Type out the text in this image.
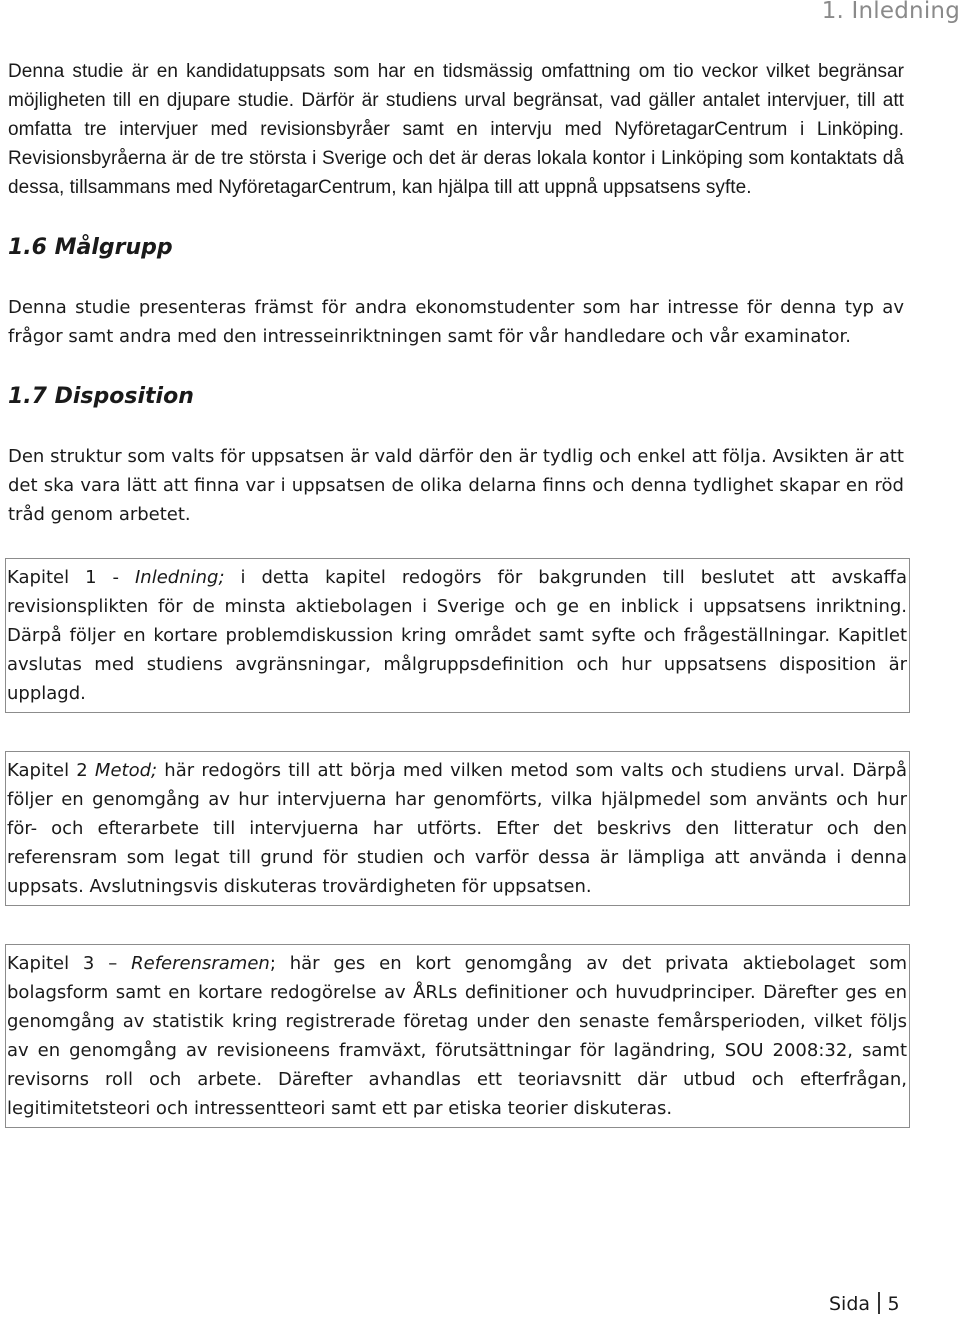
1. Inledning

Denna studie är en kandidatuppsats som har en tidsmässig omfattning om tio veckor vilket begränsar möjligheten till en djupare studie. Därför är studiens urval begränsat, vad gäller antalet intervjuer, till att omfatta tre intervjuer med revisionsbyråer samt en intervju med NyföretagarCentrum i Linköping. Revisionsbyråerna är de tre största i Sverige och det är deras lokala kontor i Linköping som kontaktats då dessa, tillsammans med NyföretagarCentrum, kan hjälpa till att uppnå uppsatsens syfte.

1.6 Målgrupp

Denna studie presenteras främst för andra ekonomstudenter som har intresse för denna typ av frågor samt andra med den intresseinriktningen samt för vår handledare och vår examinator.

1.7 Disposition

Den struktur som valts för uppsatsen är vald därför den är tydlig och enkel att följa. Avsikten är att det ska vara lätt att finna var i uppsatsen de olika delarna finns och denna tydlighet skapar en röd tråd genom arbetet.

Kapitel 1 - Inledning; i detta kapitel redogörs för bakgrunden till beslutet att avskaffa revisionsplikten för de minsta aktiebolagen i Sverige och ge en inblick i uppsatsens inriktning. Därpå följer en kortare problemdiskussion kring området samt syfte och frågeställningar. Kapitlet avslutas med studiens avgränsningar, målgruppsdefinition och hur uppsatsens disposition är upplagd.

Kapitel 2 Metod; här redogörs till att börja med vilken metod som valts och studiens urval. Därpå följer en genomgång av hur intervjuerna har genomförts, vilka hjälpmedel som använts och hur för- och efterarbete till intervjuerna har utförts. Efter det beskrivs den litteratur och den referensram som legat till grund för studien och varför dessa är lämpliga att använda i denna uppsats. Avslutningsvis diskuteras trovärdigheten för uppsatsen.

Kapitel 3 – Referensramen; här ges en kort genomgång av det privata aktiebolaget som bolagsform samt en kortare redogörelse av ÅRLs definitioner och huvudprinciper. Därefter ges en genomgång av statistik kring registrerade företag under den senaste femårsperioden, vilket följs av en genomgång av revisioneens framväxt, förutsättningar för lagändring, SOU 2008:32, samt revisorns roll och arbete. Därefter avhandlas ett teoriavsnitt där utbud och efterfrågan, legitimitetsteori och intressentteori samt ett par etiska teorier diskuteras.

Sida 5
